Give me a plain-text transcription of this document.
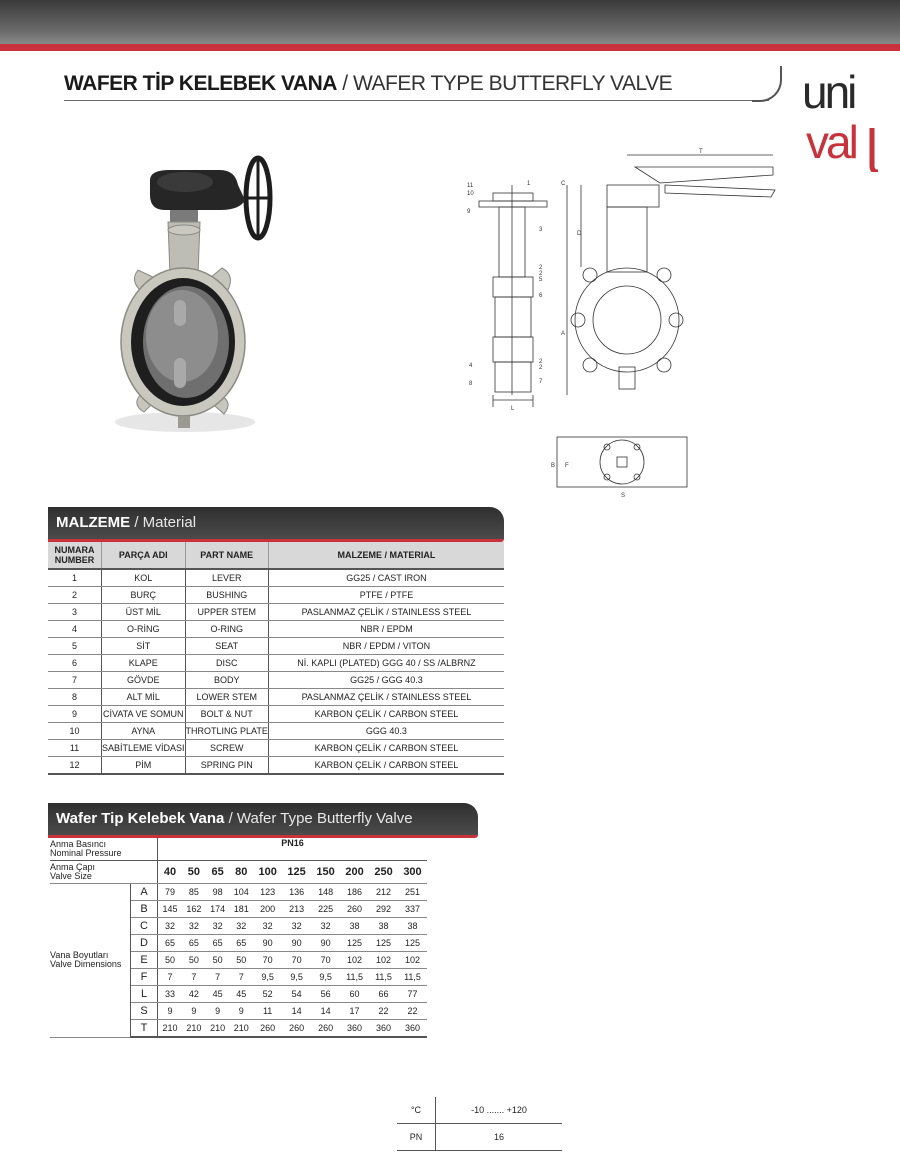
WAFER TİP KELEBEK VANA / WAFER TYPE BUTTERFLY VALVE	uni
val
11
10
9
3
2
2
5
6
4
8
2
2
7
1
T
C
D
A
L
B F
S
MALZEME / Material
NUMARA
NUMBER	PARÇA ADI	PART NAME	MALZEME / MATERIAL
1	KOL	LEVER	GG25 / CAST IRON
2	BURÇ	BUSHING	PTFE / PTFE
3	ÜST MİL	UPPER STEM	PASLANMAZ ÇELİK / STAINLESS STEEL
4	O-RİNG	O-RING	NBR / EPDM
5	SİT	SEAT	NBR / EPDM / VITON
6	KLAPE	DISC	Nİ. KAPLI (PLATED) GGG 40 / SS /ALBRNZ
7	GÖVDE	BODY	GG25 / GGG 40.3
8	ALT MİL	LOWER STEM	PASLANMAZ ÇELİK / STAINLESS STEEL
9	CİVATA VE SOMUN	BOLT & NUT	KARBON ÇELİK / CARBON STEEL
10	AYNA	THROTLING PLATE	GGG 40.3
11	SABİTLEME VİDASI	SCREW	KARBON ÇELİK / CARBON STEEL
12	PİM	SPRING PIN	KARBON ÇELİK / CARBON STEEL
Wafer Tip Kelebek Vana / Wafer Type Butterfly Valve
Anma Basıncı
Nominal Pressure		PN16									
Anma Çapı
Valve Size		40	50	65	80	100	125	150	200	250	300
Vana Boyutları
Valve Dimensions	A	79	85	98	104	123	136	148	186	212	251
	B	145	162	174	181	200	213	225	260	292	337
	C	32	32	32	32	32	32	32	38	38	38
	D	65	65	65	65	90	90	90	125	125	125
	E	50	50	50	50	70	70	70	102	102	102
	F	7	7	7	7	9,5	9,5	9,5	11,5	11,5	11,5
	L	33	42	45	45	52	54	56	60	66	77
	S	9	9	9	9	11	14	14	17	22	22
	T	210	210	210	210	260	260	260	360	360	360
°C	-10 ....... +120
PN	16
